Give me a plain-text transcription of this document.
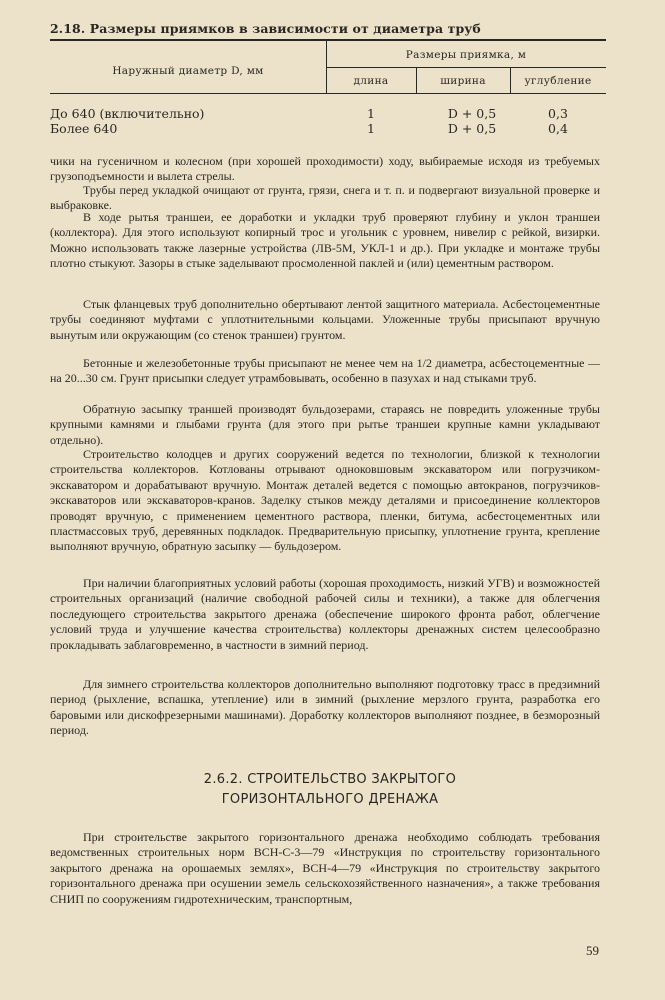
2.18. Размеры приямков в зависимости от диаметра труб
Наружный диаметр D, мм
Размеры приямка, м
длина	ширина	углубление
До 640 (включительно)	1	D + 0,5	0,3
Более 640	1	D + 0,5	0,4

чики на гусеничном и колесном (при хорошей проходимости) ходу, выбираемые исходя из требуемых грузоподъемности и вылета стрелы.

Трубы перед укладкой очищают от грунта, грязи, снега и т. п. и подвергают визуальной проверке и выбраковке.

В ходе рытья траншеи, ее доработки и укладки труб проверяют глубину и уклон траншеи (коллектора). Для этого используют копирный трос и угольник с уровнем, нивелир с рейкой, визирки. Можно использовать также лазерные устройства (ЛВ-5М, УКЛ-1 и др.). При укладке и монтаже трубы плотно стыкуют. Зазоры в стыке заделывают просмоленной паклей и (или) цементным раствором.

Стык фланцевых труб дополнительно обертывают лентой защитного материала. Асбестоцементные трубы соединяют муфтами с уплотнительными кольцами. Уложенные трубы присыпают вручную вынутым или окружающим (со стенок траншеи) грунтом.

Бетонные и железобетонные трубы присыпают не менее чем на 1/2 диаметра, асбестоцементные — на 20...30 см. Грунт присыпки следует утрамбовывать, особенно в пазухах и над стыками труб.

Обратную засыпку траншей производят бульдозерами, стараясь не повредить уложенные трубы крупными камнями и глыбами грунта (для этого при рытье траншеи крупные камни укладывают отдельно).

Строительство колодцев и других сооружений ведется по технологии, близкой к технологии строительства коллекторов. Котлованы отрывают одноковшовым экскаватором или погрузчиком-экскаватором и дорабатывают вручную. Монтаж деталей ведется с помощью автокранов, погрузчиков-экскаваторов или экскаваторов-кранов. Заделку стыков между деталями и присоединение коллекторов проводят вручную, с применением цементного раствора, пленки, битума, асбестоцементных или пластмассовых труб, деревянных подкладок. Предварительную присыпку, уплотнение грунта, крепление выполняют вручную, обратную засыпку — бульдозером.

При наличии благоприятных условий работы (хорошая проходимость, низкий УГВ) и возможностей строительных организаций (наличие свободной рабочей силы и техники), а также для облегчения последующего строительства закрытого дренажа (обеспечение широкого фронта работ, облегчение условий труда и улучшение качества строительства) коллекторы дренажных систем целесообразно прокладывать заблаговременно, в частности в зимний период.

Для зимнего строительства коллекторов дополнительно выполняют подготовку трасс в предзимний период (рыхление, вспашка, утепление) или в зимний (рыхление мерзлого грунта, разработка его баровыми или дискофрезерными машинами). Доработку коллекторов выполняют позднее, в безморозный период.

2.6.2. СТРОИТЕЛЬСТВО ЗАКРЫТОГО
ГОРИЗОНТАЛЬНОГО ДРЕНАЖА

При строительстве закрытого горизонтального дренажа необходимо соблюдать требования ведомственных строительных норм ВСН-С-3—79 «Инструкция по строительству горизонтального закрытого дренажа на орошаемых землях», ВСН-4—79 «Инструкция по строительству закрытого горизонтального дренажа при осушении земель сельскохозяйственного назначения», а также требования СНИП по сооружениям гидротехническим, транспортным,

59
